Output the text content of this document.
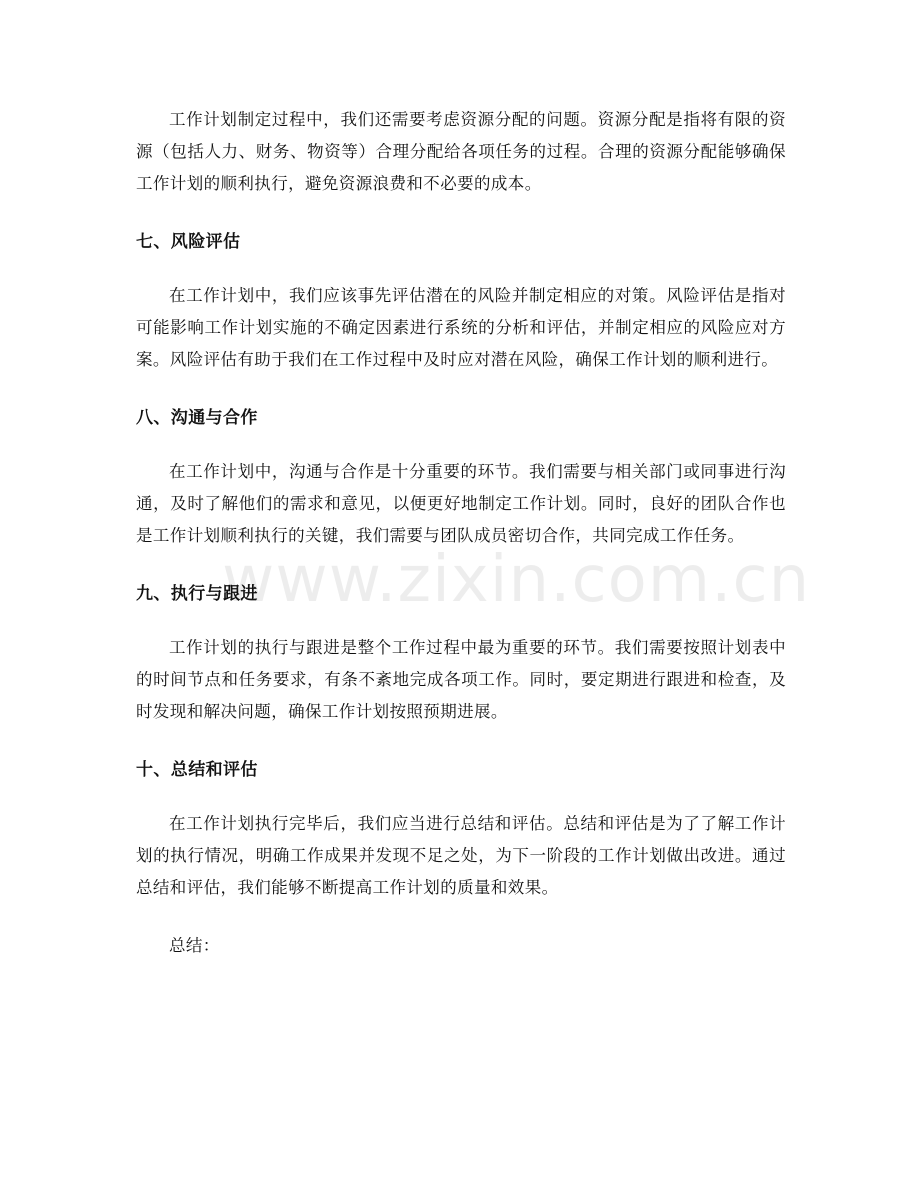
工作计划制定过程中，我们还需要考虑资源分配的问题。资源分配是指将有限的资源（包括人力、财务、物资等）合理分配给各项任务的过程。合理的资源分配能够确保工作计划的顺利执行，避免资源浪费和不必要的成本。

七、风险评估

在工作计划中，我们应该事先评估潜在的风险并制定相应的对策。风险评估是指对可能影响工作计划实施的不确定因素进行系统的分析和评估，并制定相应的风险应对方案。风险评估有助于我们在工作过程中及时应对潜在风险，确保工作计划的顺利进行。

八、沟通与合作

在工作计划中，沟通与合作是十分重要的环节。我们需要与相关部门或同事进行沟通，及时了解他们的需求和意见，以便更好地制定工作计划。同时，良好的团队合作也是工作计划顺利执行的关键，我们需要与团队成员密切合作，共同完成工作任务。

九、执行与跟进

工作计划的执行与跟进是整个工作过程中最为重要的环节。我们需要按照计划表中的时间节点和任务要求，有条不紊地完成各项工作。同时，要定期进行跟进和检查，及时发现和解决问题，确保工作计划按照预期进展。

十、总结和评估

在工作计划执行完毕后，我们应当进行总结和评估。总结和评估是为了了解工作计划的执行情况，明确工作成果并发现不足之处，为下一阶段的工作计划做出改进。通过总结和评估，我们能够不断提高工作计划的质量和效果。

总结：

www.zixin.com.cn
